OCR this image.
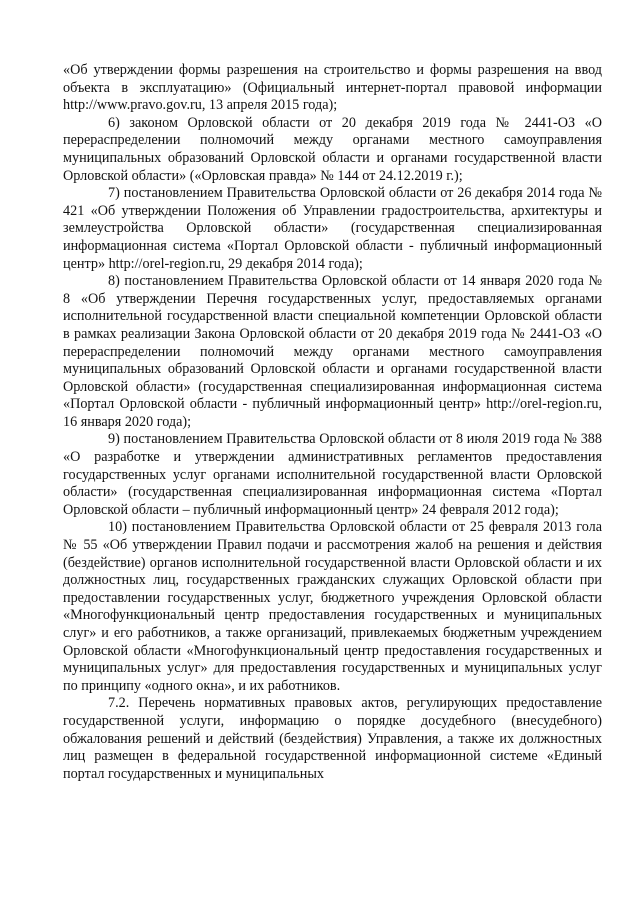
«Об утверждении формы разрешения на строительство и формы разрешения на ввод объекта в эксплуатацию» (Официальный интернет-портал правовой информации http://www.pravo.gov.ru, 13 апреля 2015 года);

6) законом Орловской области от 20 декабря 2019 года № 2441-ОЗ «О перераспределении полномочий между органами местного самоуправления муниципальных образований Орловской области и органами государственной власти Орловской области» («Орловская правда» № 144 от 24.12.2019 г.);

7) постановлением Правительства Орловской области от 26 декабря 2014 года № 421 «Об утверждении Положения об Управлении градостроительства, архитектуры и землеустройства Орловской области» (государственная специализированная информационная система «Портал Орловской области - публичный информационный центр» http://orel-region.ru, 29 декабря 2014 года);

8) постановлением Правительства Орловской области от 14 января 2020 года № 8 «Об утверждении Перечня государственных услуг, предоставляемых органами исполнительной государственной власти специальной компетенции Орловской области в рамках реализации Закона Орловской области от 20 декабря 2019 года № 2441-ОЗ «О перераспределении полномочий между органами местного самоуправления муниципальных образований Орловской области и органами государственной власти Орловской области» (государственная специализированная информационная система «Портал Орловской области - публичный информационный центр» http://orel-region.ru, 16 января 2020 года);

9) постановлением Правительства Орловской области от 8 июля 2019 года № 388 «О разработке и утверждении административных регламентов предоставления государственных услуг органами исполнительной государственной власти Орловской области» (государственная специализированная информационная система «Портал Орловской области – публичный информационный центр» 24 февраля 2012 года);

10) постановлением Правительства Орловской области от 25 февраля 2013 гола № 55 «Об утверждении Правил подачи и рассмотрения жалоб на решения и действия (бездействие) органов исполнительной государственной власти Орловской области и их должностных лиц, государственных гражданских служащих Орловской области при предоставлении государственных услуг, бюджетного учреждения Орловской области «Многофункциональный центр предоставления государственных и муниципальных слуг» и его работников, а также организаций, привлекаемых бюджетным учреждением Орловской области «Многофункциональный центр предоставления государственных и муниципальных услуг» для предоставления государственных и муниципальных услуг по принципу «одного окна», и их работников.

7.2. Перечень нормативных правовых актов, регулирующих предоставление государственной услуги, информацию о порядке досудебного (внесудебного) обжалования решений и действий (бездействия) Управления, а также их должностных лиц размещен в федеральной государственной информационной системе «Единый портал государственных и муниципальных
